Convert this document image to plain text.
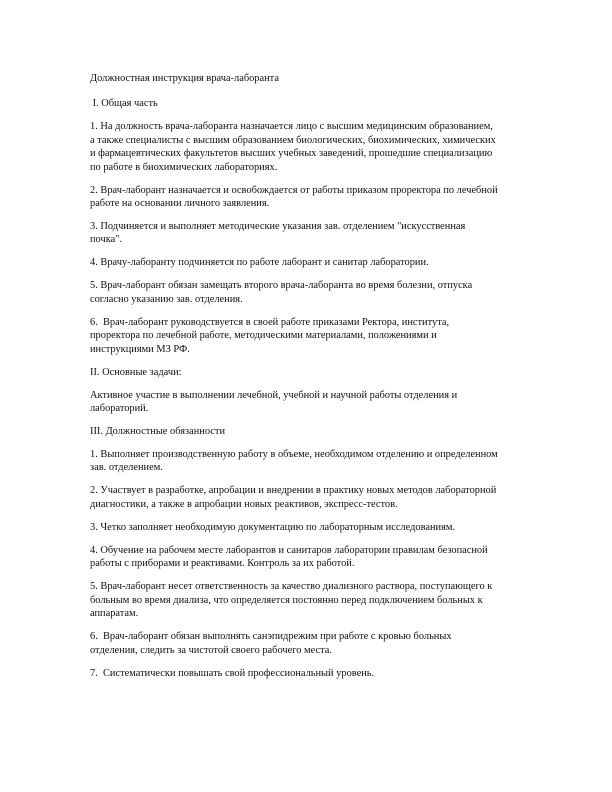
Должностная инструкция врача-лаборанта

I. Общая часть

1. На должность врача-лаборанта назначается лицо с высшим медицинским образованием,
а также специалисты с высшим образованием биологических, биохимических, химических
и фармацевтических факультетов высших учебных заведений, прошедшие специализацию
по работе в биохимических лабораториях.

2. Врач-лаборант назначается и освобождается от работы приказом проректора по лечебной
работе на основании личного заявления.

3. Подчиняется и выполняет методические указания зав. отделением "искусственная
почка".

4. Врачу-лаборанту подчиняется по работе лаборант и санитар лаборатории.

5. Врач-лаборант обязан замещать второго врача-лаборанта во время болезни, отпуска
согласно указанию зав. отделения.

6.  Врач-лаборант руководствуется в своей работе приказами Ректора, института,
проректора по лечебной работе, методическими материалами, положениями и
инструкциями МЗ РФ.

II. Основные задачи:

Активное участие в выполнении лечебной, учебной и научной работы отделения и
лабораторий.

III. Должностные обязанности

1. Выполняет производственную работу в объеме, необходимом отделению и определенном
зав. отделением.

2. Участвует в разработке, апробации и внедрении в практику новых методов лабораторной
диагностики, а также в апробации новых реактивов, экспресс-тестов.

3. Четко заполняет необходимую документацию по лабораторным исследованиям.

4. Обучение на рабочем месте лаборантов и санитаров лаборатории правилам безопасной
работы с приборами и реактивами. Контроль за их работой.

5. Врач-лаборант несет ответственность за качество диализного раствора, поступающего к
больным во время диализа, что определяется постоянно перед подключением больных к
аппаратам.

6.  Врач-лаборант обязан выполнять санэпидрежим при работе с кровью больных
отделения, следить за чистотой своего рабочего места.

7.  Систематически повышать свой профессиональный уровень.
